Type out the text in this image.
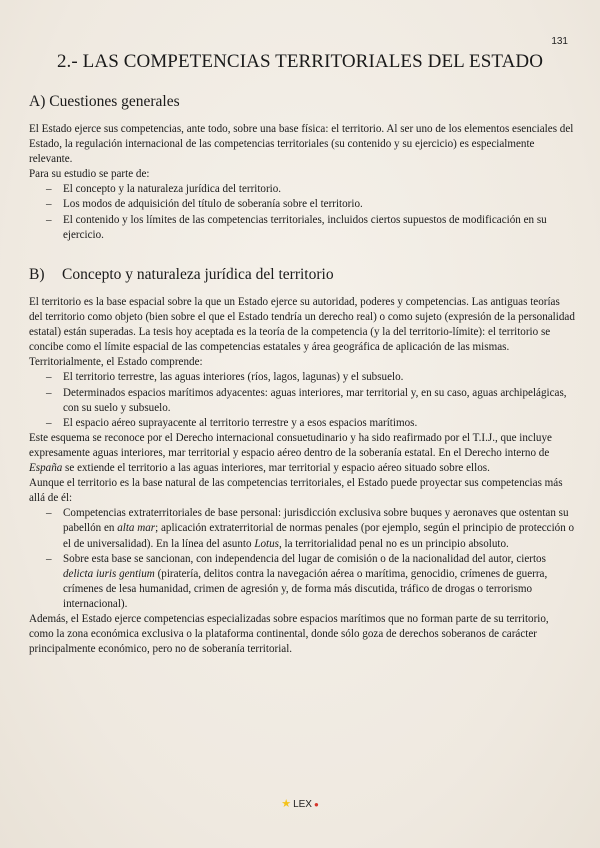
131
2.- LAS COMPETENCIAS TERRITORIALES DEL ESTADO
A) Cuestiones generales

El Estado ejerce sus competencias, ante todo, sobre una base física: el territorio. Al ser uno de los elementos esenciales del Estado, la regulación internacional de las competencias territoriales (su contenido y su ejercicio) es especialmente relevante.

Para su estudio se parte de:

– El concepto y la naturaleza jurídica del territorio.
– Los modos de adquisición del título de soberanía sobre el territorio.
– El contenido y los límites de las competencias territoriales, incluidos ciertos supuestos de modificación en su ejercicio.
B) Concepto y naturaleza jurídica del territorio

El territorio es la base espacial sobre la que un Estado ejerce su autoridad, poderes y competencias. Las antiguas teorías del territorio como objeto (bien sobre el que el Estado tendría un derecho real) o como sujeto (expresión de la personalidad estatal) están superadas. La tesis hoy aceptada es la teoría de la competencia (y la del territorio-límite): el territorio se concibe como el límite espacial de las competencias estatales y área geográfica de aplicación de las mismas.

Territorialmente, el Estado comprende:

– El territorio terrestre, las aguas interiores (ríos, lagos, lagunas) y el subsuelo.
– Determinados espacios marítimos adyacentes: aguas interiores, mar territorial y, en su caso, aguas archipelágicas, con su suelo y subsuelo.
– El espacio aéreo suprayacente al territorio terrestre y a esos espacios marítimos.

Este esquema se reconoce por el Derecho internacional consuetudinario y ha sido reafirmado por el T.I.J., que incluye expresamente aguas interiores, mar territorial y espacio aéreo dentro de la soberanía estatal. En el Derecho interno de España se extiende el territorio a las aguas interiores, mar territorial y espacio aéreo situado sobre ellos.

Aunque el territorio es la base natural de las competencias territoriales, el Estado puede proyectar sus competencias más allá de él:

– Competencias extraterritoriales de base personal: jurisdicción exclusiva sobre buques y aeronaves que ostentan su pabellón en alta mar; aplicación extraterritorial de normas penales (por ejemplo, según el principio de protección o el de universalidad). En la línea del asunto Lotus, la territorialidad penal no es un principio absoluto.
– Sobre esta base se sancionan, con independencia del lugar de comisión o de la nacionalidad del autor, ciertos delicta iuris gentium (piratería, delitos contra la navegación aérea o marítima, genocidio, crímenes de guerra, crímenes de lesa humanidad, crimen de agresión y, de forma más discutida, tráfico de drogas o terrorismo internacional).

Además, el Estado ejerce competencias especializadas sobre espacios marítimos que no forman parte de su territorio, como la zona económica exclusiva o la plataforma continental, donde sólo goza de derechos soberanos de carácter principalmente económico, pero no de soberanía territorial.

★ LEX ●
